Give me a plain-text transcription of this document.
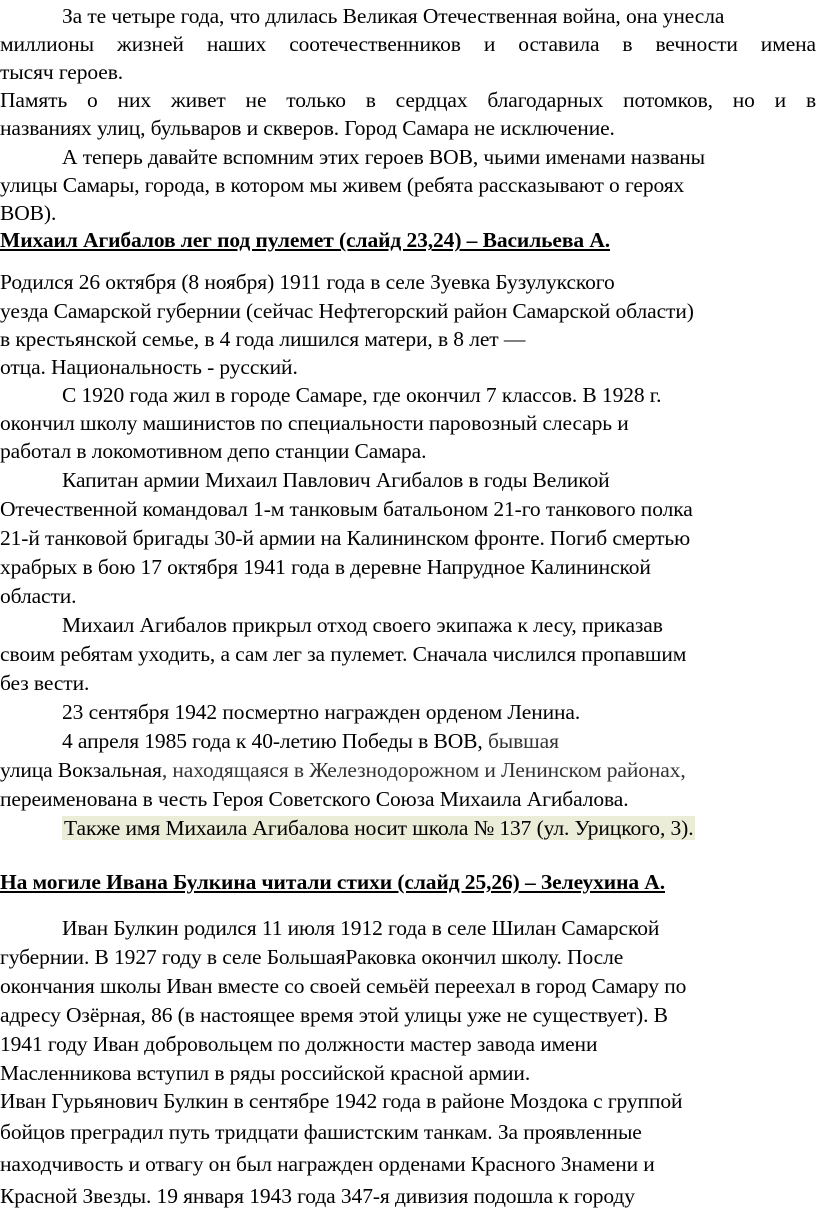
За те четыре года, что длилась Великая Отечественная война, она унесла
миллионы жизней наших соотечественников и оставила в вечности имена
тысяч героев.
Память о них живет не только в сердцах благодарных потомков, но и в
названиях улиц, бульваров и скверов. Город Самара не исключение.
А теперь давайте вспомним этих героев ВОВ, чьими именами названы
улицы Самары, города, в котором мы живем (ребята рассказывают о героях
ВОВ).
Михаил Агибалов лег под пулемет (слайд 23,24) – Васильева А.
Родился 26 октября (8 ноября) 1911 года в селе Зуевка Бузулукского
уезда Самарской губернии (сейчас Нефтегорский район Самарской области)
в крестьянской семье, в 4 года лишился матери, в 8 лет —
отца. Национальность - русский.
С 1920 года жил в городе Самаре, где окончил 7 классов. В 1928 г.
окончил школу машинистов по специальности паровозный слесарь и
работал в локомотивном депо станции Самара.
Капитан армии Михаил Павлович Агибалов в годы Великой
Отечественной командовал 1-м танковым батальоном 21-го танкового полка
21-й танковой бригады 30-й армии на Калининском фронте. Погиб смертью
храбрых в бою 17 октября 1941 года в деревне Напрудное Калининской
области.
Михаил Агибалов прикрыл отход своего экипажа к лесу, приказав
своим ребятам уходить, а сам лег за пулемет. Сначала числился пропавшим
без вести.
23 сентября 1942 посмертно награжден орденом Ленина.
4 апреля 1985 года к 40-летию Победы в ВОВ, бывшая
улица Вокзальная, находящаяся в Железнодорожном и Ленинском районах,
переименована в честь Героя Советского Союза Михаила Агибалова.
Также имя Михаила Агибалова носит школа № 137 (ул. Урицкого, 3).
На могиле Ивана Булкина читали стихи (слайд 25,26) – Зелеухина А.
Иван Булкин родился 11 июля 1912 года в селе Шилан Самарской
губернии. В 1927 году в селе БольшаяРаковка окончил школу. После
окончания школы Иван вместе со своей семьёй переехал в город Самару по
адресу Озёрная, 86 (в настоящее время этой улицы уже не существует). В
1941 году Иван добровольцем по должности мастер завода имени
Масленникова вступил в ряды российской красной армии.
Иван Гурьянович Булкин в сентябре 1942 года в районе Моздока с группой
бойцов преградил путь тридцати фашистским танкам. За проявленные
находчивость и отвагу он был награжден орденами Красного Знамени и
Красной Звезды. 19 января 1943 года 347-я дивизия подошла к городу
